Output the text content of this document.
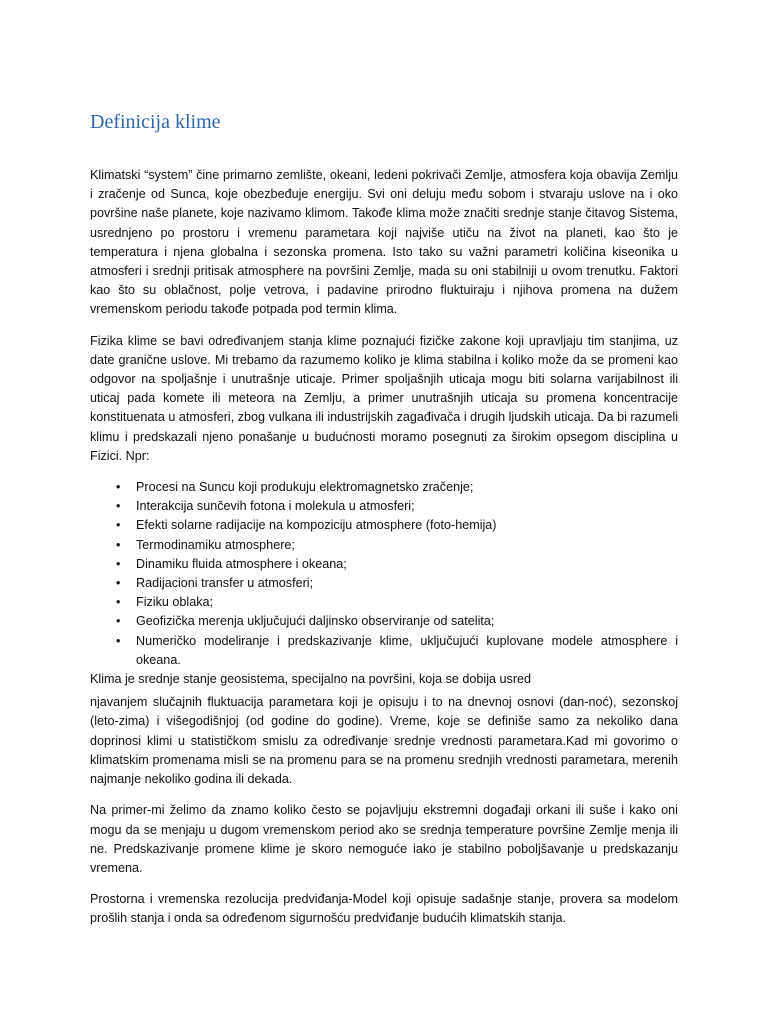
Definicija klime

Klimatski “system” čine primarno zemlište, okeani, ledeni pokrivači Zemlje, atmosfera koja obavija Zemlju i zračenje od Sunca, koje obezbeđuje energiju. Svi oni deluju među sobom i stvaraju uslove na i oko površine naše planete, koje nazivamo klimom. Takođe klima može značiti srednje stanje čitavog Sistema, usrednjeno po prostoru i vremenu parametara koji najviše utiču na život na planeti, kao što je temperatura i njena globalna i sezonska promena. Isto tako su važni parametri količina kiseonika u atmosferi i srednji pritisak atmosphere na površini Zemlje, mada su oni stabilniji u ovom trenutku. Faktori kao što su oblačnost, polje vetrova, i padavine prirodno fluktuiraju i njihova promena na dužem vremenskom periodu takođe potpada pod termin klima.

Fizika klime se bavi određivanjem stanja klime poznajući fizičke zakone koji upravljaju tim stanjima, uz date granične uslove. Mi trebamo da razumemo koliko je klima stabilna i koliko može da se promeni kao odgovor na spoljašnje i unutrašnje uticaje. Primer spoljašnjih uticaja mogu biti solarna varijabilnost ili uticaj pada komete ili meteora na Zemlju, a primer unutrašnjih uticaja su promena koncentracije konstituenata u atmosferi, zbog vulkana ili industrijskih zagađivača i drugih ljudskih uticaja. Da bi razumeli klimu i predskazali njeno ponašanje u budućnosti moramo posegnuti za širokim opsegom disciplina u Fizici. Npr:

•	Procesi na Suncu koji produkuju elektromagnetsko zračenje;
•	Interakcija sunčevih fotona i molekula u atmosferi;
•	Efekti solarne radijacije na kompoziciju atmosphere (foto-hemija)
•	Termodinamiku atmosphere;
•	Dinamiku fluida atmosphere i okeana;
•	Radijacioni transfer u atmosferi;
•	Fiziku oblaka;
•	Geofizička merenja uključujući daljinsko observiranje od satelita;
•	Numeričko modeliranje i predskazivanje klime, uključujući kuplovane modele atmosphere i okeana.

Klima je srednje stanje geosistema, specijalno na površini, koja se dobija usred

njavanjem slučajnih fluktuacija parametara koji je opisuju i to na dnevnoj osnovi (dan-noć), sezonskoj (leto-zima) i višegodišnjoj (od godine do godine). Vreme, koje se definiše samo za nekoliko dana doprinosi klimi u statističkom smislu za određivanje srednje vrednosti parametara.Kad mi govorimo o klimatskim promenama misli se na promenu para se na promenu srednjih vrednosti parametara, merenih najmanje nekoliko godina ili dekada.

Na primer-mi želimo da znamo koliko često se pojavljuju ekstremni događaji orkani ili suše i kako oni mogu da se menjaju u dugom vremenskom period ako se srednja temperature površine Zemlje menja ili ne. Predskazivanje promene klime je skoro nemoguće iako je stabilno poboljšavanje u predskazanju vremena.

Prostorna i vremenska rezolucija predviđanja-Model koji opisuje sadašnje stanje, provera sa modelom prošlih stanja i onda sa određenom sigurnošću predviđanje budućih klimatskih stanja.
